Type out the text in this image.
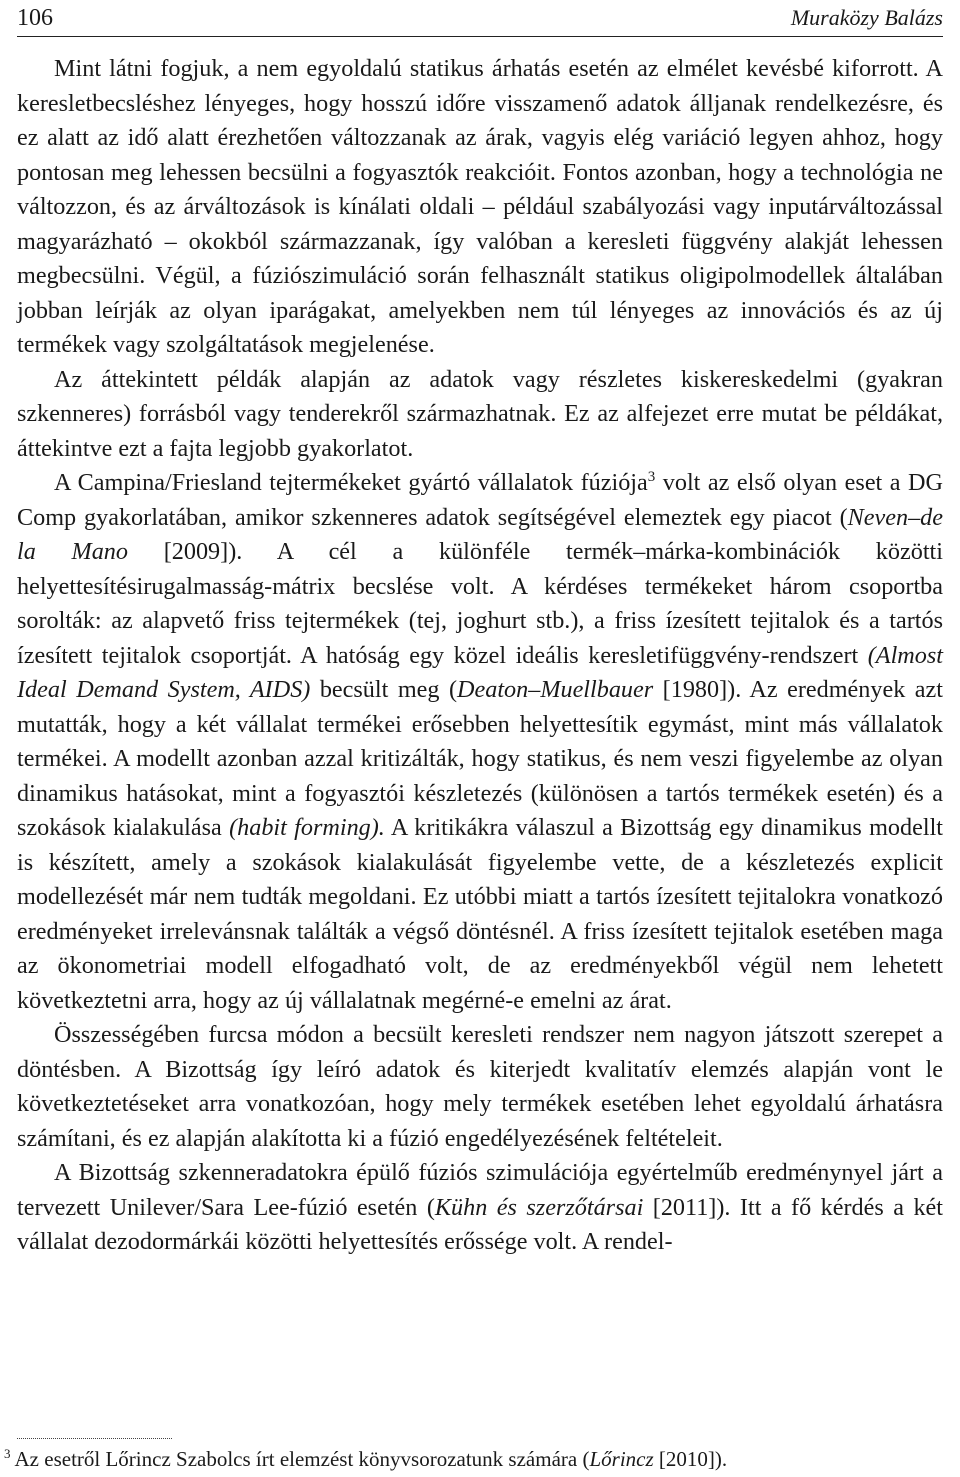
106	Muraközy Balázs

Mint látni fogjuk, a nem egyoldalú statikus árhatás esetén az elmélet kevésbé kiforrott. A keresletbecsléshez lényeges, hogy hosszú időre visszamenő adatok álljanak rendelkezésre, és ez alatt az idő alatt érezhetően változzanak az árak, vagyis elég variáció legyen ahhoz, hogy pontosan meg lehessen becsülni a fogyasztók reakcióit. Fontos azonban, hogy a technológia ne változzon, és az árváltozások is kínálati oldali – például szabályozási vagy inputárváltozással magyarázható – okokból származzanak, így valóban a keresleti függvény alakját lehessen megbecsülni. Végül, a fúziószimuláció során felhasznált statikus oligipolmodellek általában jobban leírják az olyan iparágakat, amelyekben nem túl lényeges az innovációs és az új termékek vagy szolgáltatások megjelenése.

Az áttekintett példák alapján az adatok vagy részletes kiskereskedelmi (gyakran szkenneres) forrásból vagy tenderekről származhatnak. Ez az alfejezet erre mutat be példákat, áttekintve ezt a fajta legjobb gyakorlatot.

A Campina/Friesland tejtermékeket gyártó vállalatok fúziója$^3$ volt az első olyan eset a DG Comp gyakorlatában, amikor szkenneres adatok segítségével elemeztek egy piacot (Neven–de la Mano [2009]). A cél a különféle termék–márka-kombinációk közötti helyettesítésirugalmasság-mátrix becslése volt. A kérdéses termékeket három csoportba sorolták: az alapvető friss tejtermékek (tej, joghurt stb.), a friss ízesített tejitalok és a tartós ízesített tejitalok csoportját. A hatóság egy közel ideális keresletifüggvény-rendszert (Almost Ideal Demand System, AIDS) becsült meg (Deaton–Muellbauer [1980]). Az eredmények azt mutatták, hogy a két vállalat termékei erősebben helyettesítik egymást, mint más vállalatok termékei. A modellt azonban azzal kritizálták, hogy statikus, és nem veszi figyelembe az olyan dinamikus hatásokat, mint a fogyasztói készletezés (különösen a tartós termékek esetén) és a szokások kialakulása (habit forming). A kritikákra válaszul a Bizottság egy dinamikus modellt is készített, amely a szokások kialakulását figyelembe vette, de a készletezés explicit modellezését már nem tudták megoldani. Ez utóbbi miatt a tartós ízesített tejitalokra vonatkozó eredményeket irrelevánsnak találták a végső döntésnél. A friss ízesített tejitalok esetében maga az ökonometriai modell elfogadható volt, de az eredményekből végül nem lehetett következtetni arra, hogy az új vállalatnak megérné-e emelni az árat.

Összességében furcsa módon a becsült keresleti rendszer nem nagyon játszott szerepet a döntésben. A Bizottság így leíró adatok és kiterjedt kvalitatív elemzés alapján vont le következtetéseket arra vonatkozóan, hogy mely termékek esetében lehet egyoldalú árhatásra számítani, és ez alapján alakította ki a fúzió engedélyezésének feltételeit.

A Bizottság szkenneradatokra épülő fúziós szimulációja egyértelműb eredménynyel járt a tervezett Unilever/Sara Lee-fúzió esetén (Kühn és szerzőtársai [2011]). Itt a fő kérdés a két vállalat dezodormárkái közötti helyettesítés erőssége volt. A rendel-

$^3$ Az esetről Lőrincz Szabolcs írt elemzést könyvsorozatunk számára (Lőrincz [2010]).
